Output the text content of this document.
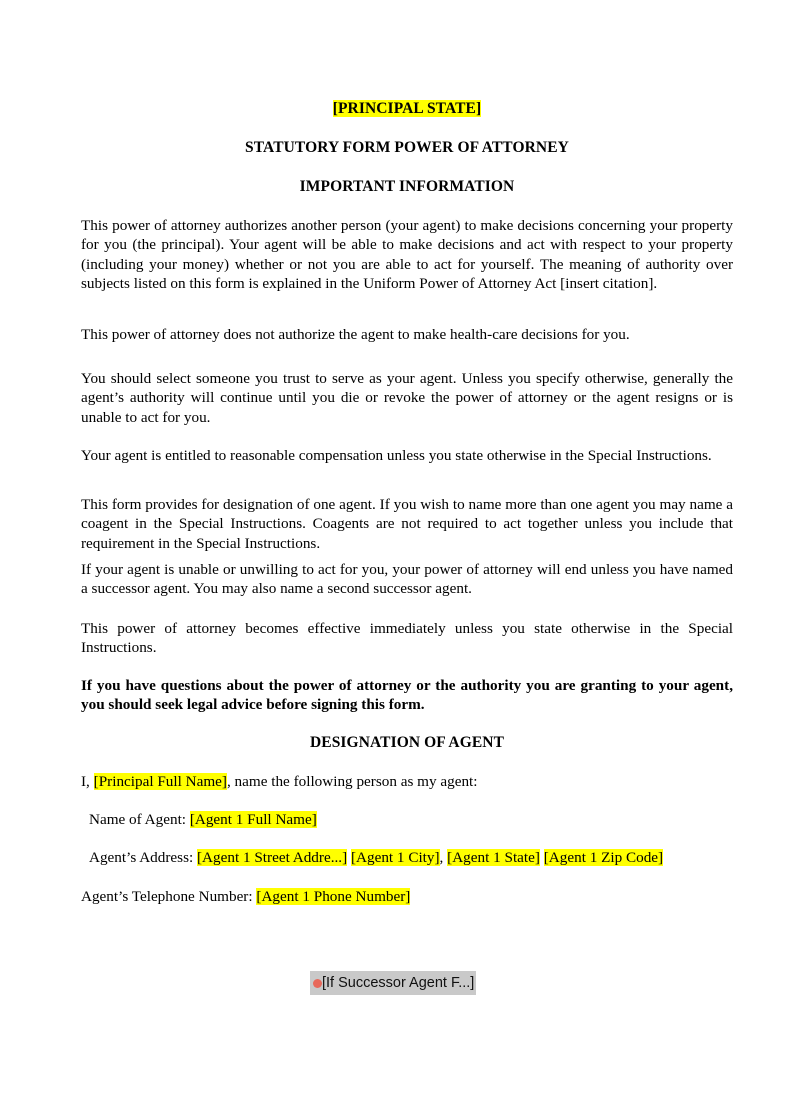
[PRINCIPAL STATE]
STATUTORY FORM POWER OF ATTORNEY
IMPORTANT INFORMATION
This power of attorney authorizes another person (your agent) to make decisions concerning your property for you (the principal). Your agent will be able to make decisions and act with respect to your property (including your money) whether or not you are able to act for yourself. The meaning of authority over subjects listed on this form is explained in the Uniform Power of Attorney Act [insert citation].
This power of attorney does not authorize the agent to make health-care decisions for you.
You should select someone you trust to serve as your agent. Unless you specify otherwise, generally the agent’s authority will continue until you die or revoke the power of attorney or the agent resigns or is unable to act for you.
Your agent is entitled to reasonable compensation unless you state otherwise in the Special Instructions.
This form provides for designation of one agent. If you wish to name more than one agent you may name a coagent in the Special Instructions. Coagents are not required to act together unless you include that requirement in the Special Instructions.
If your agent is unable or unwilling to act for you, your power of attorney will end unless you have named a successor agent. You may also name a second successor agent.
This power of attorney becomes effective immediately unless you state otherwise in the Special Instructions.
If you have questions about the power of attorney or the authority you are granting to your agent, you should seek legal advice before signing this form.
DESIGNATION OF AGENT
I, [Principal Full Name], name the following person as my agent:
Name of Agent: [Agent 1 Full Name]
Agent’s Address: [Agent 1 Street Addre...] [Agent 1 City], [Agent 1 State] [Agent 1 Zip Code]
Agent’s Telephone Number: [Agent 1 Phone Number]
[If Successor Agent F...]
